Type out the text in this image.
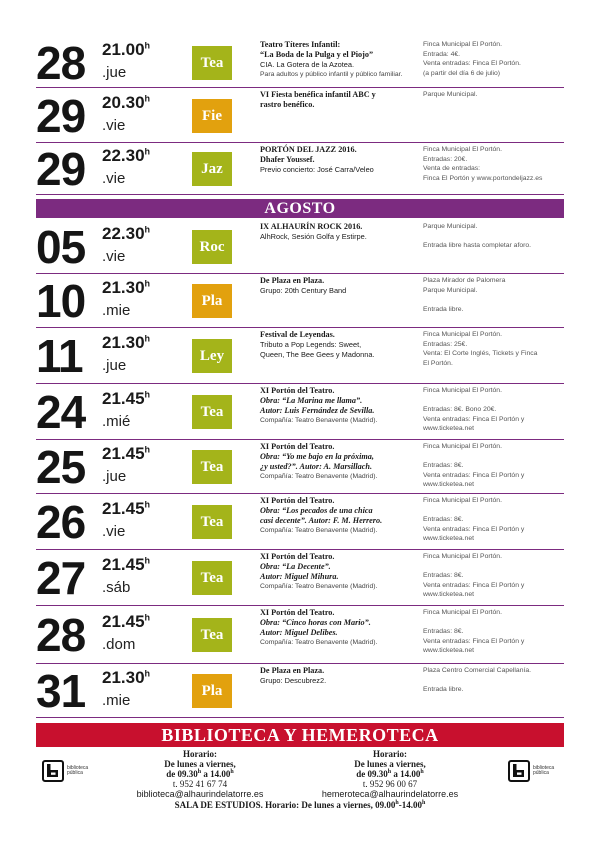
28 21.00$^h$
.jue
Tea
Teatro Títeres Infantil:
“La Boda de la Pulga y el Piojo”
CIA. La Gotera de la Azotea.
Para adultos y público infantil y público familiar.
Finca Municipal El Portón.
Entrada: 4€.
Venta entradas: Finca El Portón.
(a partir del día 6 de julio)
29 20.30$^h$
.vie
Fie
VI Fiesta benéfica infantil ABC y
rastro benéfico.
Parque Municipal.
29 22.30$^h$
.vie
Jaz
PORTÓN DEL JAZZ 2016.
Dhafer Youssef.
Previo concierto: José Carra/Veleo
Finca Municipal El Portón.
Entradas: 20€.
Venta de entradas:
Finca El Portón y www.portondeljazz.es
05 22.30$^h$
.vie
Roc
IX ALHAURÍN ROCK 2016.
AlhRock, Sesión Golfa y Estirpe.
Parque Municipal.
Entrada libre hasta completar aforo.
10 21.30$^h$
.mie
Pla
De Plaza en Plaza.
Grupo: 20th Century Band
Plaza Mirador de Palomera
Parque Municipal.
Entrada libre.
11 21.30$^h$
.jue
Ley
Festival de Leyendas.
Tributo a Pop Legends: Sweet,
Queen, The Bee Gees y Madonna.
Finca Municipal El Portón.
Entradas: 25€.
Venta: El Corte Inglés, Tickets y Finca
El Portón.
24 21.45$^h$
.mié
Tea
XI Portón del Teatro.
Obra: “La Marina me llama”.
Autor: Luis Fernández de Sevilla.
Compañía: Teatro Benavente (Madrid).
Finca Municipal El Portón.
Entradas: 8€. Bono 20€.
Venta entradas: Finca El Portón y
www.ticketea.net
25 21.45$^h$
.jue
Tea
XI Portón del Teatro.
Obra: “Yo me bajo en la próxima,
¿y usted?”. Autor: A. Marsillach.
Compañía: Teatro Benavente (Madrid).
Finca Municipal El Portón.
Entradas: 8€.
Venta entradas: Finca El Portón y
www.ticketea.net
26 21.45$^h$
.vie
Tea
XI Portón del Teatro.
Obra: “Los pecados de una chica
casi decente”. Autor: F. M. Herrero.
Compañía: Teatro Benavente (Madrid).
Finca Municipal El Portón.
Entradas: 8€.
Venta entradas: Finca El Portón y
www.ticketea.net
27 21.45$^h$
.sáb
Tea
XI Portón del Teatro.
Obra: “La Decente”.
Autor: Miguel Mihura.
Compañía: Teatro Benavente (Madrid).
Finca Municipal El Portón.
Entradas: 8€.
Venta entradas: Finca El Portón y
www.ticketea.net
28 21.45$^h$
.dom
Tea
XI Portón del Teatro.
Obra: “Cinco horas con Mario”.
Autor: Miguel Delibes.
Compañía: Teatro Benavente (Madrid).
Finca Municipal El Portón.
Entradas: 8€.
Venta entradas: Finca El Portón y
www.ticketea.net
31 21.30$^h$
.mie
Pla
De Plaza en Plaza.
Grupo: Descubrez2.
Plaza Centro Comercial Capellanía.
Entrada libre.
AGOSTO
BIBLIOTECA Y HEMEROTECA
biblioteca pública
biblioteca pública
Horario:
De lunes a viernes,
de 09.30$^h$ a 14.00$^h$
t. 952 41 67 74
biblioteca@alhaurindelatorre.es
Horario:
De lunes a viernes,
de 09.30$^h$ a 14.00$^h$
t. 952 96 00 67
hemeroteca@alhaurindelatorre.es
SALA DE ESTUDIOS. Horario: De lunes a viernes, 09.00$^h$-14.00$^h$
